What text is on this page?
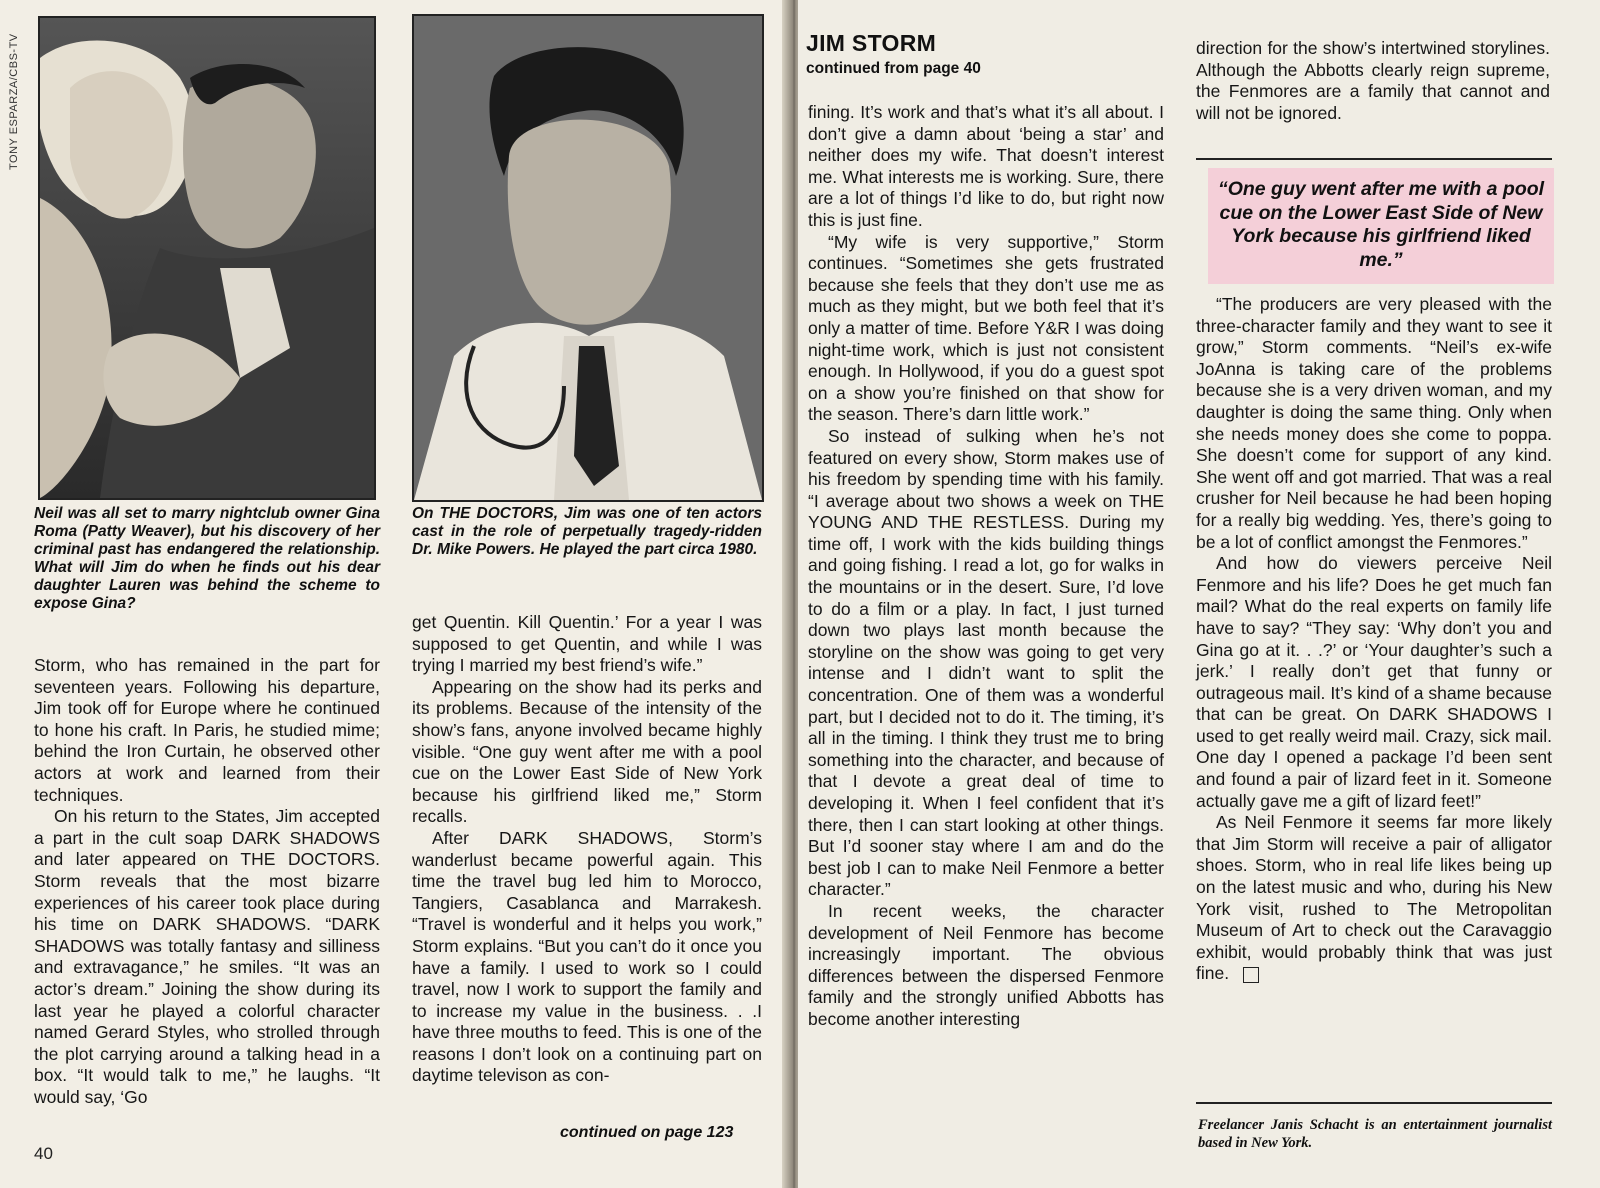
TONY ESPARZA/CBS-TV
Neil was all set to marry nightclub owner Gina Roma (Patty Weaver), but his discovery of her criminal past has endangered the relationship. What will Jim do when he finds out his dear daughter Lauren was behind the scheme to expose Gina?
On THE DOCTORS, Jim was one of ten actors cast in the role of perpetually tragedy-ridden Dr. Mike Powers. He played the part circa 1980.

Storm, who has remained in the part for seventeen years. Following his departure, Jim took off for Europe where he continued to hone his craft. In Paris, he studied mime; behind the Iron Curtain, he observed other actors at work and learned from their techniques.

On his return to the States, Jim accepted a part in the cult soap DARK SHADOWS and later appeared on THE DOCTORS. Storm reveals that the most bizarre experiences of his career took place during his time on DARK SHADOWS. “DARK SHADOWS was totally fantasy and silliness and extravagance,” he smiles. “It was an actor’s dream.” Joining the show during its last year he played a colorful character named Gerard Styles, who strolled through the plot carrying around a talking head in a box. “It would talk to me,” he laughs. “It would say, ‘Go

get Quentin. Kill Quentin.’ For a year I was supposed to get Quentin, and while I was trying I married my best friend’s wife.”

Appearing on the show had its perks and its problems. Because of the intensity of the show’s fans, anyone involved became highly visible. “One guy went after me with a pool cue on the Lower East Side of New York because his girlfriend liked me,” Storm recalls.

After DARK SHADOWS, Storm’s wanderlust became powerful again. This time the travel bug led him to Morocco, Tangiers, Casablanca and Marrakesh. “Travel is wonderful and it helps you work,” Storm explains. “But you can’t do it once you have a family. I used to work so I could travel, now I work to support the family and to increase my value in the business. . .I have three mouths to feed. This is one of the reasons I don’t look on a continuing part on daytime televison as con-

continued on page 123
40
JIM STORM
continued from page 40

fining. It’s work and that’s what it’s all about. I don’t give a damn about ‘being a star’ and neither does my wife. That doesn’t interest me. What interests me is working. Sure, there are a lot of things I’d like to do, but right now this is just fine.

“My wife is very supportive,” Storm continues. “Sometimes she gets frustrated because she feels that they don’t use me as much as they might, but we both feel that it’s only a matter of time. Before Y&R I was doing night-time work, which is just not consistent enough. In Hollywood, if you do a guest spot on a show you’re finished on that show for the season. There’s darn little work.”

So instead of sulking when he’s not featured on every show, Storm makes use of his freedom by spending time with his family. “I average about two shows a week on THE YOUNG AND THE RESTLESS. During my time off, I work with the kids building things and going fishing. I read a lot, go for walks in the mountains or in the desert. Sure, I’d love to do a film or a play. In fact, I just turned down two plays last month because the storyline on the show was going to get very intense and I didn’t want to split the concentration. One of them was a wonderful part, but I decided not to do it. The timing, it’s all in the timing. I think they trust me to bring something into the character, and because of that I devote a great deal of time to developing it. When I feel confident that it’s there, then I can start looking at other things. But I’d sooner stay where I am and do the best job I can to make Neil Fenmore a better character.”

In recent weeks, the character development of Neil Fenmore has become increasingly important. The obvious differences between the dispersed Fenmore family and the strongly unified Abbotts has become another interesting

direction for the show’s intertwined storylines. Although the Abbotts clearly reign supreme, the Fenmores are a family that cannot and will not be ignored.

“One guy went after me with a pool cue on the Lower East Side of New York because his girlfriend liked me.”

“The producers are very pleased with the three-character family and they want to see it grow,” Storm comments. “Neil’s ex-wife JoAnna is taking care of the problems because she is a very driven woman, and my daughter is doing the same thing. Only when she needs money does she come to poppa. She doesn’t come for support of any kind. She went off and got married. That was a real crusher for Neil because he had been hoping for a really big wedding. Yes, there’s going to be a lot of conflict amongst the Fenmores.”

And how do viewers perceive Neil Fenmore and his life? Does he get much fan mail? What do the real experts on family life have to say? “They say: ‘Why don’t you and Gina go at it. . .?’ or ‘Your daughter’s such a jerk.’ I really don’t get that funny or outrageous mail. It’s kind of a shame because that can be great. On DARK SHADOWS I used to get really weird mail. Crazy, sick mail. One day I opened a package I’d been sent and found a pair of lizard feet in it. Someone actually gave me a gift of lizard feet!”

As Neil Fenmore it seems far more likely that Jim Storm will receive a pair of alligator shoes. Storm, who in real life likes being up on the latest music and who, during his New York visit, rushed to The Metropolitan Museum of Art to check out the Caravaggio exhibit, would probably think that was just fine.

Freelancer Janis Schacht is an entertainment journalist based in New York.
